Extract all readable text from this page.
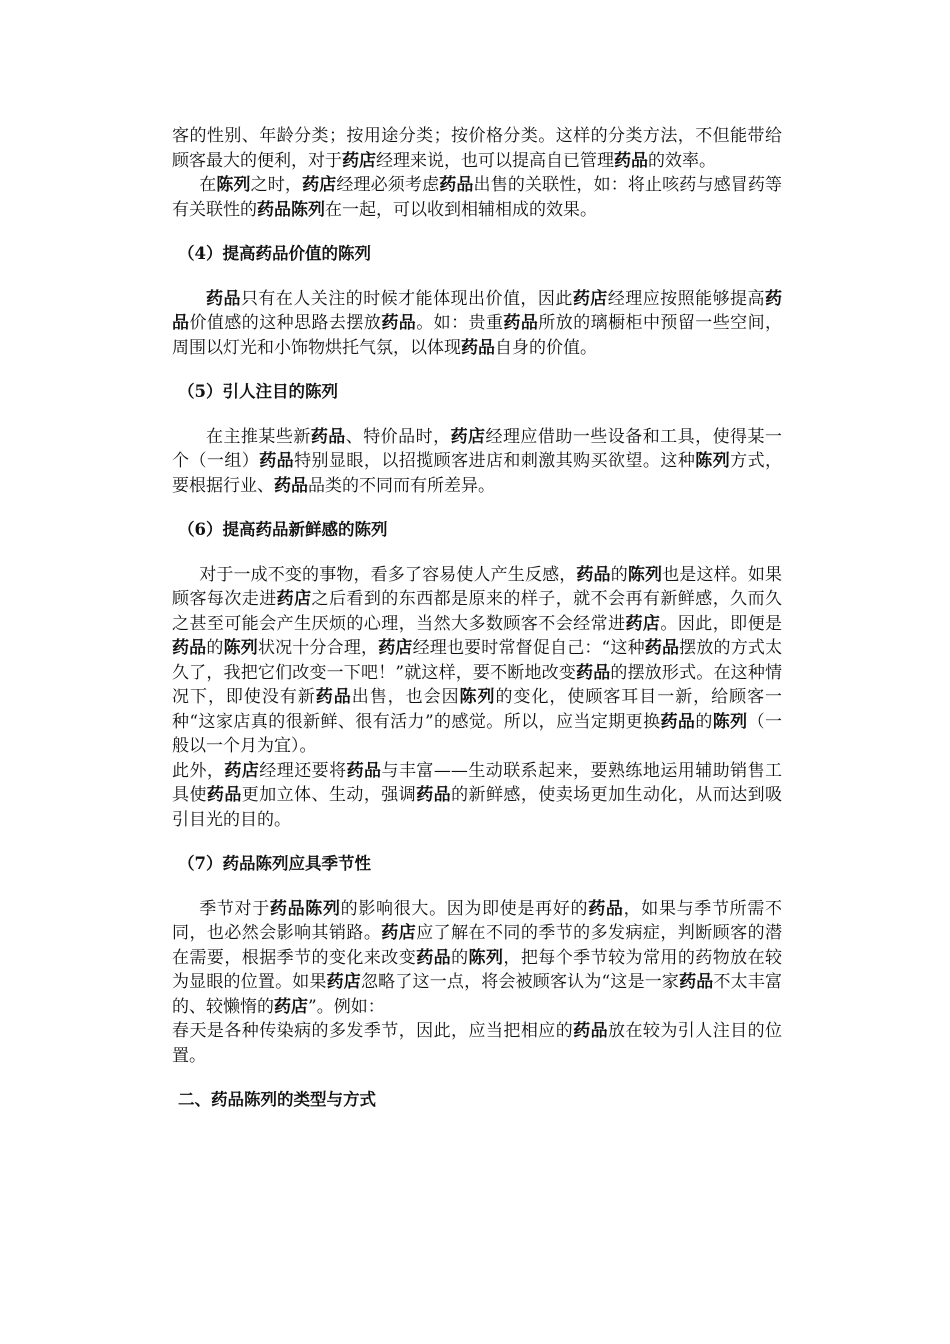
客的性别、年龄分类；按用途分类；按价格分类。这样的分类方法，不但能带给顾客最大的便利，对于药店经理来说，也可以提高自已管理药品的效率。

在陈列之时，药店经理必须考虑药品出售的关联性，如：将止咳药与感冒药等有关联性的药品陈列在一起，可以收到相辅相成的效果。

（4）提高药品价值的陈列

药品只有在人关注的时候才能体现出价值，因此药店经理应按照能够提高药品价值感的这种思路去摆放药品。如：贵重药品所放的璃橱柜中预留一些空间，周围以灯光和小饰物烘托气氛，以体现药品自身的价值。

（5）引人注目的陈列

在主推某些新药品、特价品时，药店经理应借助一些设备和工具，使得某一个（一组）药品特别显眼，以招揽顾客进店和刺激其购买欲望。这种陈列方式，要根据行业、药品品类的不同而有所差异。

（6）提高药品新鲜感的陈列

对于一成不变的事物，看多了容易使人产生反感，药品的陈列也是这样。如果顾客每次走进药店之后看到的东西都是原来的样子，就不会再有新鲜感，久而久之甚至可能会产生厌烦的心理，当然大多数顾客不会经常进药店。因此，即便是药品的陈列状况十分合理，药店经理也要时常督促自己：“这种药品摆放的方式太久了，我把它们改变一下吧！”就这样，要不断地改变药品的摆放形式。在这种情况下，即使没有新药品出售，也会因陈列的变化，使顾客耳目一新，给顾客一种“这家店真的很新鲜、很有活力”的感觉。所以，应当定期更换药品的陈列（一般以一个月为宜）。

此外，药店经理还要将药品与丰富——生动联系起来，要熟练地运用辅助销售工具使药品更加立体、生动，强调药品的新鲜感，使卖场更加生动化，从而达到吸引目光的目的。

（7）药品陈列应具季节性

季节对于药品陈列的影响很大。因为即使是再好的药品，如果与季节所需不同，也必然会影响其销路。药店应了解在不同的季节的多发病症，判断顾客的潜在需要，根据季节的变化来改变药品的陈列，把每个季节较为常用的药物放在较为显眼的位置。如果药店忽略了这一点，将会被顾客认为“这是一家药品不太丰富的、较懒惰的药店”。例如：

春天是各种传染病的多发季节，因此，应当把相应的药品放在较为引人注目的位置。

二、药品陈列的类型与方式
